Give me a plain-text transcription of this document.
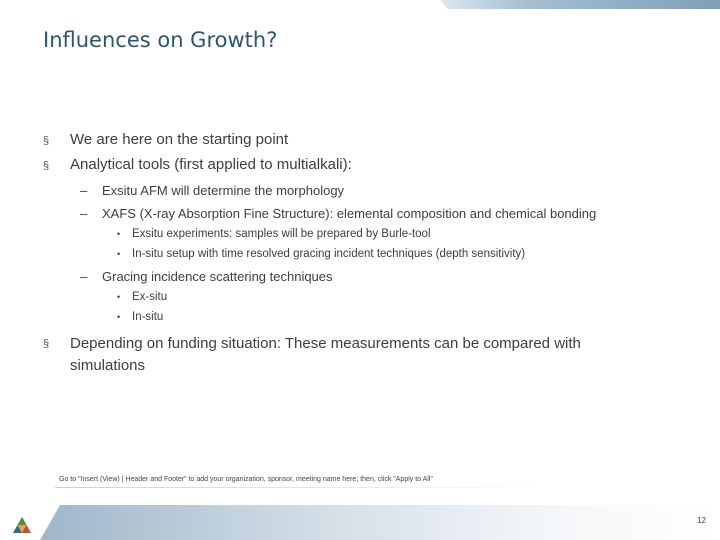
Influences on Growth?
§ We are here on the starting point
§ Analytical tools (first applied to multialkali):
– Exsitu AFM will determine the morphology
– XAFS (X-ray Absorption Fine Structure): elemental composition and chemical bonding
• Exsitu experiments: samples will be prepared by Burle-tool
• In-situ setup with time resolved gracing incident techniques (depth sensitivity)
– Gracing incidence scattering techniques
• Ex-situ
• In-situ
§ Depending on funding situation: These measurements can be compared with simulations
Go to "Insert (View) | Header and Footer" to add your organization, sponsor, meeting name here; then, click "Apply to All"
12
